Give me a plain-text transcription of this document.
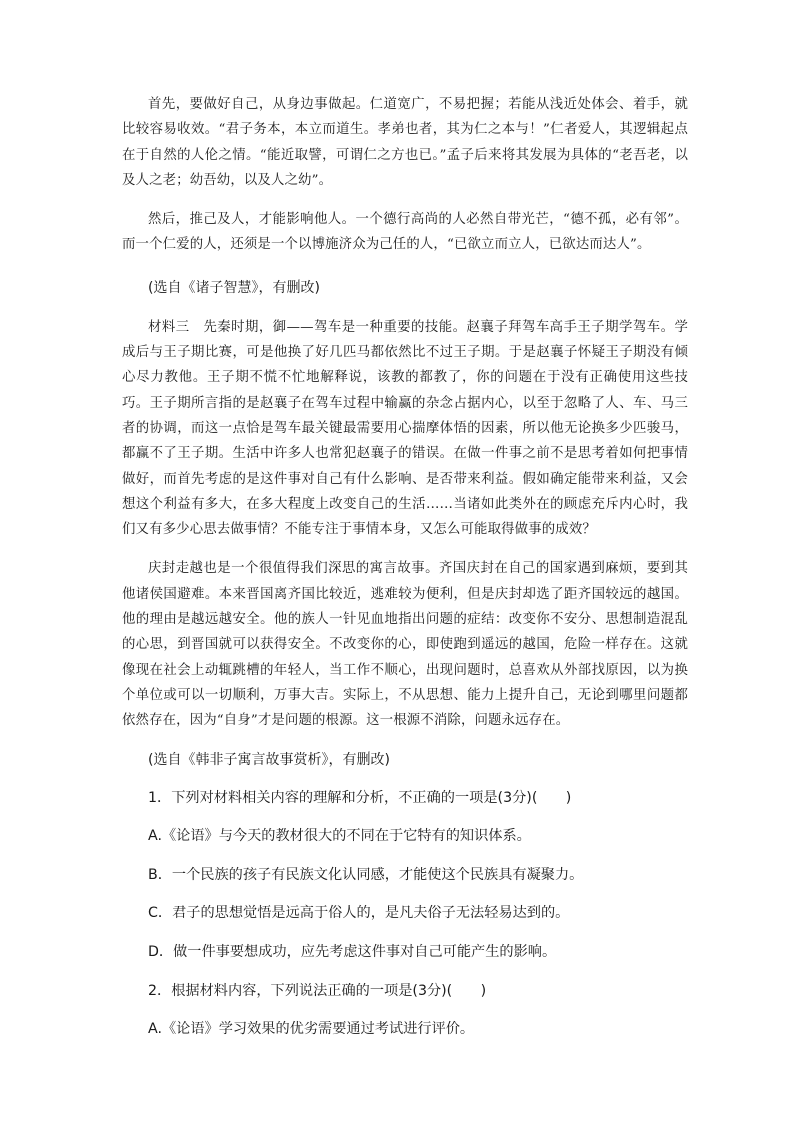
首先，要做好自己，从身边事做起。仁道宽广，不易把握；若能从浅近处体会、着手，就比较容易收效。“君子务本，本立而道生。孝弟也者，其为仁之本与！”仁者爱人，其逻辑起点在于自然的人伦之情。“能近取譬，可谓仁之方也已。”孟子后来将其发展为具体的“老吾老，以及人之老；幼吾幼，以及人之幼”。

然后，推己及人，才能影响他人。一个德行高尚的人必然自带光芒，“德不孤，必有邻”。而一个仁爱的人，还须是一个以博施济众为己任的人，“已欲立而立人，已欲达而达人”。

(选自《诸子智慧》，有删改)

材料三　先秦时期，御——驾车是一种重要的技能。赵襄子拜驾车高手王子期学驾车。学成后与王子期比赛，可是他换了好几匹马都依然比不过王子期。于是赵襄子怀疑王子期没有倾心尽力教他。王子期不慌不忙地解释说，该教的都教了，你的问题在于没有正确使用这些技巧。王子期所言指的是赵襄子在驾车过程中输赢的杂念占据内心，以至于忽略了人、车、马三者的协调，而这一点恰是驾车最关键最需要用心揣摩体悟的因素，所以他无论换多少匹骏马，都赢不了王子期。生活中许多人也常犯赵襄子的错误。在做一件事之前不是思考着如何把事情做好，而首先考虑的是这件事对自己有什么影响、是否带来利益。假如确定能带来利益，又会想这个利益有多大，在多大程度上改变自己的生活……当诸如此类外在的顾虑充斥内心时，我们又有多少心思去做事情？不能专注于事情本身，又怎么可能取得做事的成效？

庆封走越也是一个很值得我们深思的寓言故事。齐国庆封在自己的国家遇到麻烦，要到其他诸侯国避难。本来晋国离齐国比较近，逃难较为便利，但是庆封却选了距齐国较远的越国。他的理由是越远越安全。他的族人一针见血地指出问题的症结：改变你不安分、思想制造混乱的心思，到晋国就可以获得安全。不改变你的心，即使跑到遥远的越国，危险一样存在。这就像现在社会上动辄跳槽的年轻人，当工作不顺心，出现问题时，总喜欢从外部找原因，以为换个单位或可以一切顺利，万事大吉。实际上，不从思想、能力上提升自己，无论到哪里问题都依然存在，因为“自身”才是问题的根源。这一根源不消除，问题永远存在。

(选自《韩非子寓言故事赏析》，有删改)

1．下列对材料相关内容的理解和分析，不正确的一项是(3分)(　　)

A.《论语》与今天的教材很大的不同在于它特有的知识体系。

B．一个民族的孩子有民族文化认同感，才能使这个民族具有凝聚力。

C．君子的思想觉悟是远高于俗人的，是凡夫俗子无法轻易达到的。

D．做一件事要想成功，应先考虑这件事对自己可能产生的影响。

2．根据材料内容，下列说法正确的一项是(3分)(　　)

A.《论语》学习效果的优劣需要通过考试进行评价。
